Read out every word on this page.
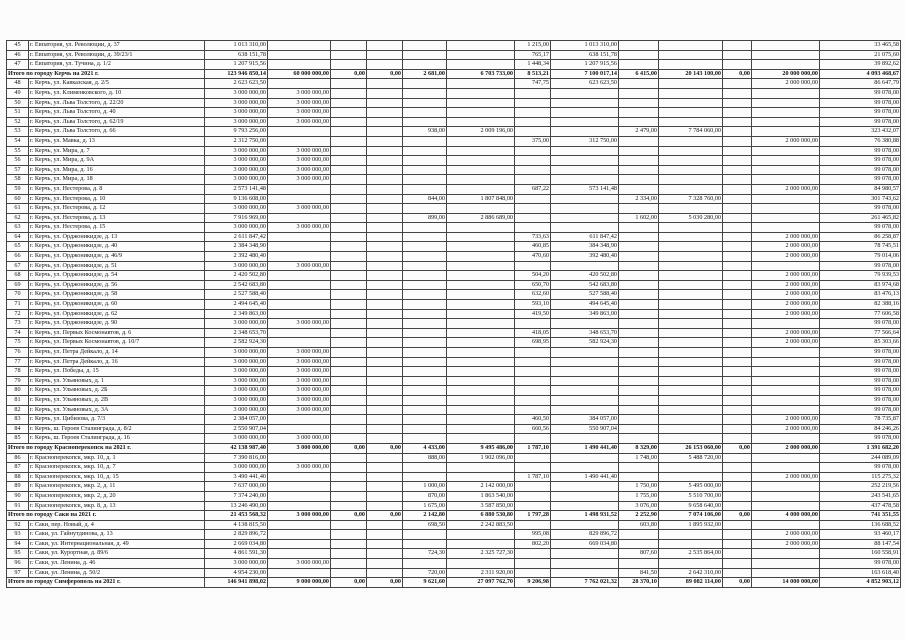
45	г. Евпатория, ул. Революции, д. 37	1 013 310,00						1 215,00	1 013 310,00					33 465,58
46	г. Евпатория, ул. Революции, д. 39/23/1	638 151,78						765,17	638 151,78					21 075,60
47	г. Евпатория, ул. Тучина, д. 1/2	1 207 915,56						1 448,34	1 207 915,56					39 892,62
Итого по городу Керчь на 2021 г.		123 946 850,14	60 000 000,00	0,00	0,00	2 681,00	6 703 733,00	8 513,21	7 100 017,14	6 415,00	20 143 100,00	0,00	20 000 000,00	4 093 468,67
48	г. Керчь, ул. Кавказская, д. 2/5	2 623 623,50						747,75	623 623,50				2 000 000,00	86 647,79
49	г. Керчь, ул. Клименковского, д. 10	3 000 000,00	3 000 000,00											99 078,00
50	г. Керчь, ул. Льва Толстого, д. 22/20	3 000 000,00	3 000 000,00											99 078,00
51	г. Керчь, ул. Льва Толстого, д. 40	3 000 000,00	3 000 000,00											99 078,00
52	г. Керчь, ул. Льва Толстого, д. 62/19	3 000 000,00	3 000 000,00											99 078,00
53	г. Керчь, ул. Льва Толстого, д. 66	9 793 256,00				938,00	2 009 196,00			2 479,00	7 784 060,00			323 432,07
54	г. Керчь, ул. Мавка, д. 13	2 312 750,00						375,00	312 750,00				2 000 000,00	76 380,88
55	г. Керчь, ул. Мира, д. 7	3 000 000,00	3 000 000,00											99 078,00
56	г. Керчь, ул. Мира, д. 9А	3 000 000,00	3 000 000,00											99 078,00
57	г. Керчь, ул. Мира, д. 16	3 000 000,00	3 000 000,00											99 078,00
58	г. Керчь, ул. Мира, д. 18	3 000 000,00	3 000 000,00											99 078,00
59	г. Керчь, ул. Нестерова, д. 8	2 573 141,48						687,22	573 141,48				2 000 000,00	84 980,57
60	г. Керчь, ул. Нестерова, д. 10	9 136 608,00				844,00	1 807 848,00			2 334,00	7 328 760,00			301 743,62
61	г. Керчь, ул. Нестерова, д. 12	3 000 000,00	3 000 000,00											99 078,00
62	г. Керчь, ул. Нестерова, д. 13	7 916 969,00				899,00	2 886 689,00			1 602,00	5 030 280,00			261 465,82
63	г. Керчь, ул. Нестерова, д. 15	3 000 000,00	3 000 000,00											99 078,00
64	г. Керчь, ул. Орджоникидзе, д. 13	2 611 847,42						733,63	611 847,42				2 000 000,00	86 258,87
65	г. Керчь, ул. Орджоникидзе, д. 40	2 384 348,90						460,85	384 348,90				2 000 000,00	78 745,51
66	г. Керчь, ул. Орджоникидзе, д. 46/9	2 392 480,40						470,60	392 480,40				2 000 000,00	79 014,06
67	г. Керчь, ул. Орджоникидзе, д. 51	3 000 000,00	3 000 000,00											99 078,00
68	г. Керчь, ул. Орджоникидзе, д. 54	2 420 502,80						504,20	420 502,80				2 000 000,00	79 939,53
69	г. Керчь, ул. Орджоникидзе, д. 56	2 542 683,80						650,70	542 683,80				2 000 000,00	83 974,68
70	г. Керчь, ул. Орджоникидзе, д. 58	2 527 588,40						632,60	527 588,40				2 000 000,00	83 476,13
71	г. Керчь, ул. Орджоникидзе, д. 60	2 494 645,40						593,10	494 645,40				2 000 000,00	82 388,16
72	г. Керчь, ул. Орджоникидзе, д. 62	2 349 863,00						419,50	349 863,00				2 000 000,00	77 606,58
73	г. Керчь, ул. Орджоникидзе, д. 90	3 000 000,00	3 000 000,00											99 078,00
74	г. Керчь, ул. Первых Космонавтов, д. 6	2 348 653,70						418,05	348 653,70				2 000 000,00	77 566,64
75	г. Керчь, ул. Первых Космонавтов, д. 10/7	2 582 924,30						698,95	582 924,30				2 000 000,00	85 303,66
76	г. Керчь, ул. Петра Дейкало, д. 14	3 000 000,00	3 000 000,00											99 078,00
77	г. Керчь, ул. Петра Дейкало, д. 16	3 000 000,00	3 000 000,00											99 078,00
78	г. Керчь, ул. Победы, д. 15	3 000 000,00	3 000 000,00											99 078,00
79	г. Керчь, ул. Ульяновых, д. 1	3 000 000,00	3 000 000,00											99 078,00
80	г. Керчь, ул. Ульяновых, д. 2Б	3 000 000,00	3 000 000,00											99 078,00
81	г. Керчь, ул. Ульяновых, д. 2В	3 000 000,00	3 000 000,00											99 078,00
82	г. Керчь, ул. Ульяновых, д. 3А	3 000 000,00	3 000 000,00											99 078,00
83	г. Керчь, ул. Цибизова, д. 7/3	2 384 057,00						460,50	384 057,00				2 000 000,00	78 735,87
84	г. Керчь, ш. Героев Сталинграда, д. 8/2	2 550 907,04						660,56	550 907,04				2 000 000,00	84 246,26
85	г. Керчь, ш. Героев Сталинграда, д. 16	3 000 000,00	3 000 000,00											99 078,00
Итого по городу Красноперекопск на 2021 г.		42 138 987,40	3 000 000,00	0,00	0,00	4 433,00	9 495 486,00	1 787,10	1 490 441,40	8 329,00	26 153 060,00	0,00	2 000 000,00	1 391 682,20
86	г. Красноперекопск, мкр. 10, д. 1	7 390 816,00				888,00	1 902 096,00			1 748,00	5 488 720,00			244 089,09
87	г. Красноперекопск, мкр. 10, д. 7	3 000 000,00	3 000 000,00											99 078,00
88	г. Красноперекопск, мкр. 10, д. 15	3 490 441,40						1 787,10	1 490 441,40				2 000 000,00	115 275,32
89	г. Красноперекопск, мкр. 2, д. 11	7 637 000,00				1 000,00	2 142 000,00			1 750,00	5 495 000,00			252 219,56
90	г. Красноперекопск, мкр. 2, д. 20	7 374 240,00				870,00	1 863 540,00			1 755,00	5 510 700,00			243 541,65
91	г. Красноперекопск, мкр. 8, д. 13	13 246 490,00				1 675,00	3 587 850,00			3 076,00	9 658 640,00			437 478,58
Итого по городу Саки на 2021 г.		21 453 568,32	3 000 000,00	0,00	0,00	2 142,80	6 880 530,80	1 797,28	1 498 931,52	2 252,90	7 074 106,00	0,00	4 000 000,00	741 351,55
92	г. Саки, пер. Новый, д. 4	4 138 815,50				698,50	2 242 883,50			603,80	1 895 932,00			136 688,52
93	г. Саки, ул. Гайнутдинова, д. 13	2 829 896,72						995,08	829 896,72				2 000 000,00	93 460,17
94	г. Саки, ул. Интернациональная, д. 49	2 669 034,80						802,20	669 034,80				2 000 000,00	88 147,54
95	г. Саки, ул. Курортная, д. 89/6	4 861 591,30				724,30	2 325 727,30			807,60	2 535 864,00			160 558,91
96	г. Саки, ул. Ленина, д. 46	3 000 000,00	3 000 000,00											99 078,00
97	г. Саки, ул. Ленина, д. 50/2	4 954 230,00				720,00	2 311 920,00			841,50	2 642 310,00			163 618,40
Итого по городу Симферополь на 2021 г.		146 941 898,02	9 000 000,00	0,00	0,00	9 621,60	27 097 762,70	9 206,98	7 762 021,32	28 370,10	89 082 114,00	0,00	14 000 000,00	4 852 903,12
